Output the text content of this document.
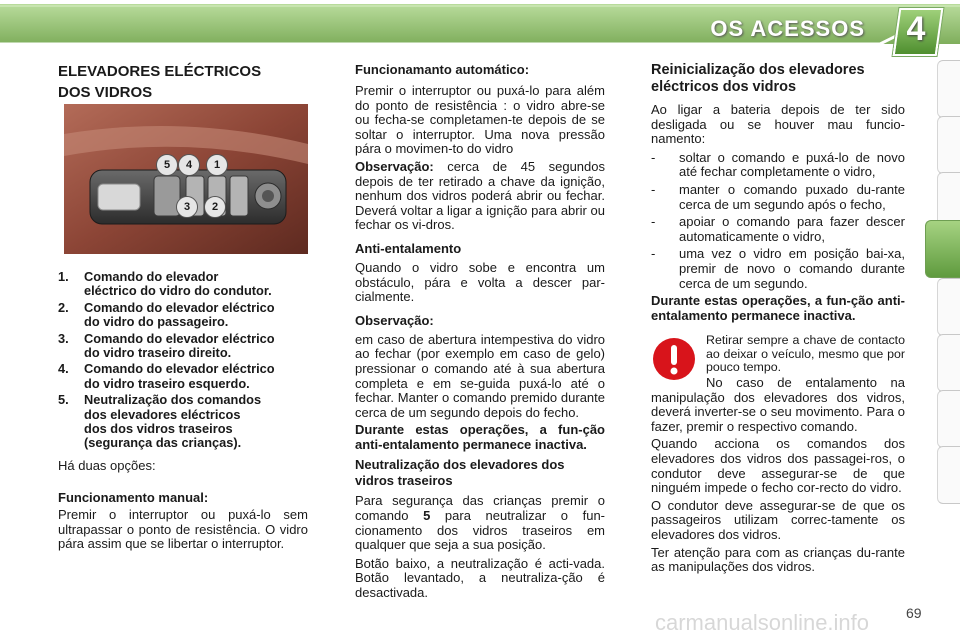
OS ACESSOS	4

ELEVADORES ELÉCTRICOS

DOS VIDROS

5	4	1
3	2
1. Comando do elevador
eléctrico do vidro do condutor.
2. Comando do elevador eléctrico
do vidro do passageiro.
3. Comando do elevador eléctrico
do vidro traseiro direito.
4. Comando do elevador eléctrico
do vidro traseiro esquerdo.
5. Neutralização dos comandos
dos elevadores eléctricos
dos dos vidros traseiros
(segurança das crianças).

Há duas opções:

Funcionamento manual:

Premir o interruptor ou puxá-lo sem ultrapassar o ponto de resistência. O vidro pára assim que se libertar o interruptor.

Funcionamanto automático:

Premir o interruptor ou puxá-lo para além do ponto de resistência : o vidro abre-se ou fecha-se completamen-te depois de se soltar o interruptor. Uma nova pressão pára o movimen-to do vidro

Observação: cerca de 45 segundos depois de ter retirado a chave da ignição, nenhum dos vidros poderá abrir ou fechar. Deverá voltar a ligar a ignição para abrir ou fechar os vi-dros.

Anti-entalamento

Quando o vidro sobe e encontra um obstáculo, pára e volta a descer par-cialmente.

Observação:

em caso de abertura intempestiva do vidro ao fechar (por exemplo em caso de gelo) pressionar o comando até à sua abertura completa e em se-guida puxá-lo até o fechar. Manter o comando premido durante cerca de um segundo depois do fecho.

Durante estas operações, a fun-ção anti-entalamento permanece inactiva.

Neutralização dos elevadores dos vidros traseiros

Para segurança das crianças premir o comando 5 para neutralizar o fun-cionamento dos vidros traseiros em qualquer que seja a sua posição.

Botão baixo, a neutralização é acti-vada. Botão levantado, a neutraliza-ção é desactivada.

Reinicialização dos elevadores eléctricos dos vidros

Ao ligar a bateria depois de ter sido desligada ou se houver mau funcio-namento:

- soltar o comando e puxá-lo de novo até fechar completamente o vidro,
- manter o comando puxado du-rante cerca de um segundo após o fecho,
- apoiar o comando para fazer descer automaticamente o vidro,
- uma vez o vidro em posição bai-xa, premir de novo o comando durante cerca de um segundo.

Durante estas operações, a fun-ção anti-entalamento permanece inactiva.

Retirar sempre a chave de contacto ao deixar o veículo, mesmo que por pouco tempo.

No caso de entalamento na manipulação dos elevadores dos vidros, deverá inverter-se o seu movimento. Para o fazer, premir o respectivo comando.

Quando acciona os comandos dos elevadores dos vidros dos passagei-ros, o condutor deve assegurar-se de que ninguém impede o fecho cor-recto do vidro.

O condutor deve assegurar-se de que os passageiros utilizam correc-tamente os elevadores dos vidros.

Ter atenção para com as crianças du-rante as manipulações dos vidros.

carmanualsonline.info	69
